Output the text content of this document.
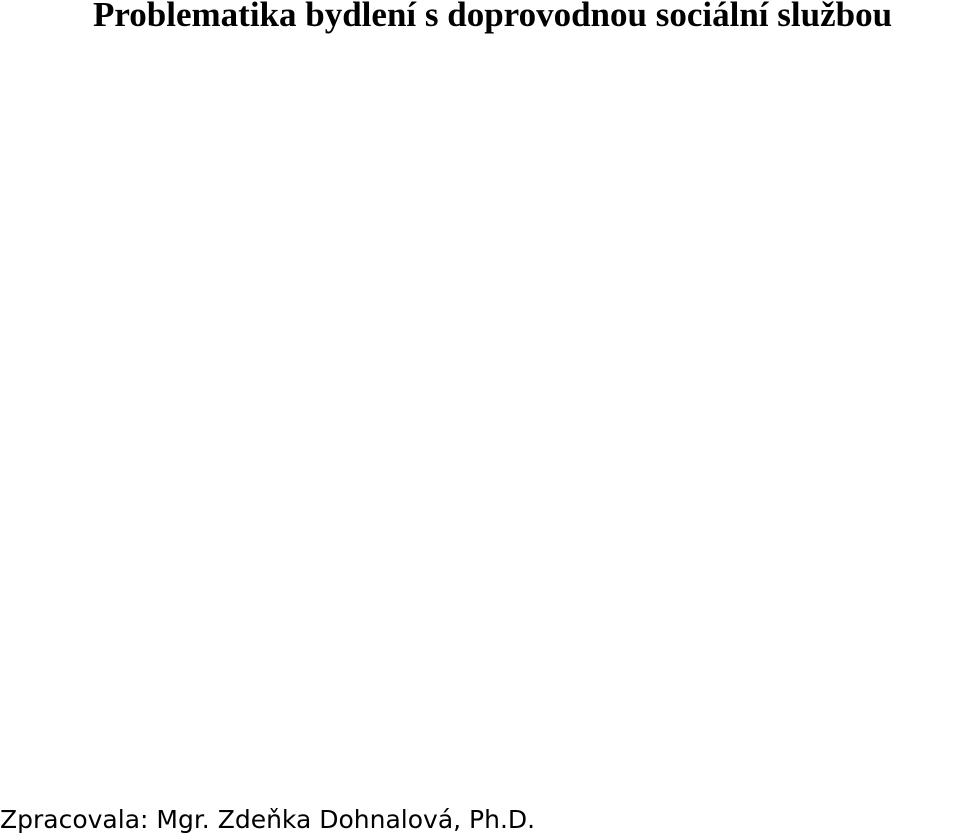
Problematika bydlení s doprovodnou sociální službou

Zpracovala: Mgr. Zdeňka Dohnalová, Ph.D.
